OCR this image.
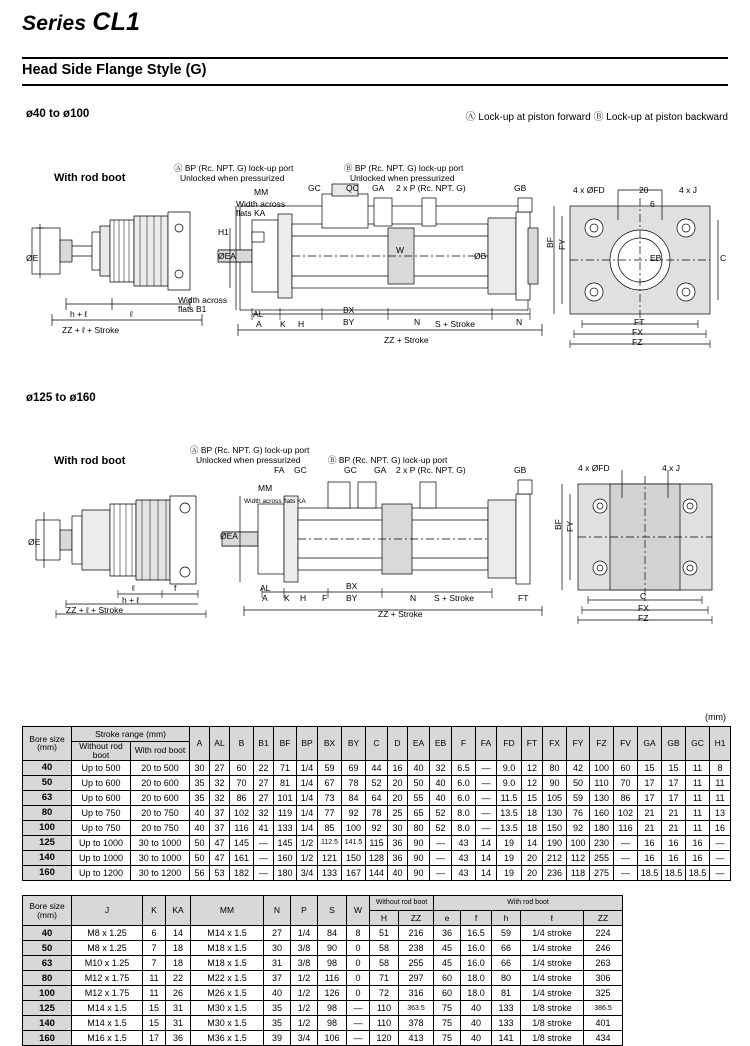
Series CL1
Head Side Flange Style (G)
ø40 to ø100	Ⓐ Lock-up at piston forward Ⓑ Lock-up at piston backward
With rod boot
Ⓐ BP (Rc. NPT. G) lock-up port
Unlocked when pressurized
Ⓑ BP (Rc. NPT. G) lock-up port
Unlocked when pressurized
MM
Width across flats KA
GC	QC GA 2 x P (Rc. NPT. G)	GB	4 x ØFD	20	4 x J
6
ØEA
W
ØB
ØE
H1
Width across flats B1
AL
A K H
BX
BY	N S + Stroke	N
ZZ + Stroke
h + ℓ	ℓ
ZZ + ℓ + Stroke
BF FY
EB	C
FT
FX
FZ
ø125 to ø160
With rod boot
Ⓐ BP (Rc. NPT. G) lock-up port
Unlocked when pressurized	Ⓑ BP (Rc. NPT. G) lock-up port
FA GC	GC GA 2 x P (Rc. NPT. G)	GB
MM
Width across flats KA
ØEA
ØE
4 x ØFD	4 x J
AL
A K H F
BX
BY	N S + Stroke	FT
ZZ + Stroke
ℓ	f
h + ℓ
ZZ + ℓ + Stroke
BF FY
C
FX
FZ
(mm)
Bore size
(mm)	Stroke range (mm)		A	AL	B	B1	BF	BP	BX	BY	C	D	EA	EB	F	FA	FD	FT	FX	FY	FZ	FV	GA	GB	GC	H1
	Without rod boot	With rod boot																								
40	Up to 500	20 to 500	30	27	60	22	71	1/4	59	69	44	16	40	32	6.5	—	9.0	12	80	42	100	60	15	15	11	8
50	Up to 600	20 to 600	35	32	70	27	81	1/4	67	78	52	20	50	40	6.0	—	9.0	12	90	50	110	70	17	17	11	11
63	Up to 600	20 to 600	35	32	86	27	101	1/4	73	84	64	20	55	40	6.0	—	11.5	15	105	59	130	86	17	17	11	11
80	Up to 750	20 to 750	40	37	102	32	119	1/4	77	92	78	25	65	52	8.0	—	13.5	18	130	76	160	102	21	21	11	13
100	Up to 750	20 to 750	40	37	116	41	133	1/4	85	100	92	30	80	52	8.0	—	13.5	18	150	92	180	116	21	21	11	16
125	Up to 1000	30 to 1000	50	47	145	—	145	1/2	112.5	141.5	115	36	90	—	43	14	19	14	190	100	230	—	16	16	16	—
140	Up to 1000	30 to 1000	50	47	161	—	160	1/2	121	150	128	36	90	—	43	14	19	20	212	112	255	—	16	16	16	—
160	Up to 1200	30 to 1200	56	53	182	—	180	3/4	133	167	144	40	90	—	43	14	19	20	236	118	275	—	18.5	18.5	18.5	—
Bore size
(mm)	J	K	KA	MM	N	P	S	W	Without rod boot		With rod boot				
									H	ZZ	e	f	h	ℓ	ZZ
40	M8 x 1.25	6	14	M14 x 1.5	27	1/4	84	8	51	216	36	16.5	59	1/4 stroke	224
50	M8 x 1.25	7	18	M18 x 1.5	30	3/8	90	0	58	238	45	16.0	66	1/4 stroke	246
63	M10 x 1.25	7	18	M18 x 1.5	31	3/8	98	0	58	255	45	16.0	66	1/4 stroke	263
80	M12 x 1.75	11	22	M22 x 1.5	37	1/2	116	0	71	297	60	18.0	80	1/4 stroke	306
100	M12 x 1.75	11	26	M26 x 1.5	40	1/2	126	0	72	316	60	18.0	81	1/4 stroke	325
125	M14 x 1.5	15	31	M30 x 1.5	35	1/2	98	—	110	363.5	75	40	133	1/8 stroke	386.5
140	M14 x 1.5	15	31	M30 x 1.5	35	1/2	98	—	110	378	75	40	133	1/8 stroke	401
160	M16 x 1.5	17	36	M36 x 1.5	39	3/4	106	—	120	413	75	40	141	1/8 stroke	434
